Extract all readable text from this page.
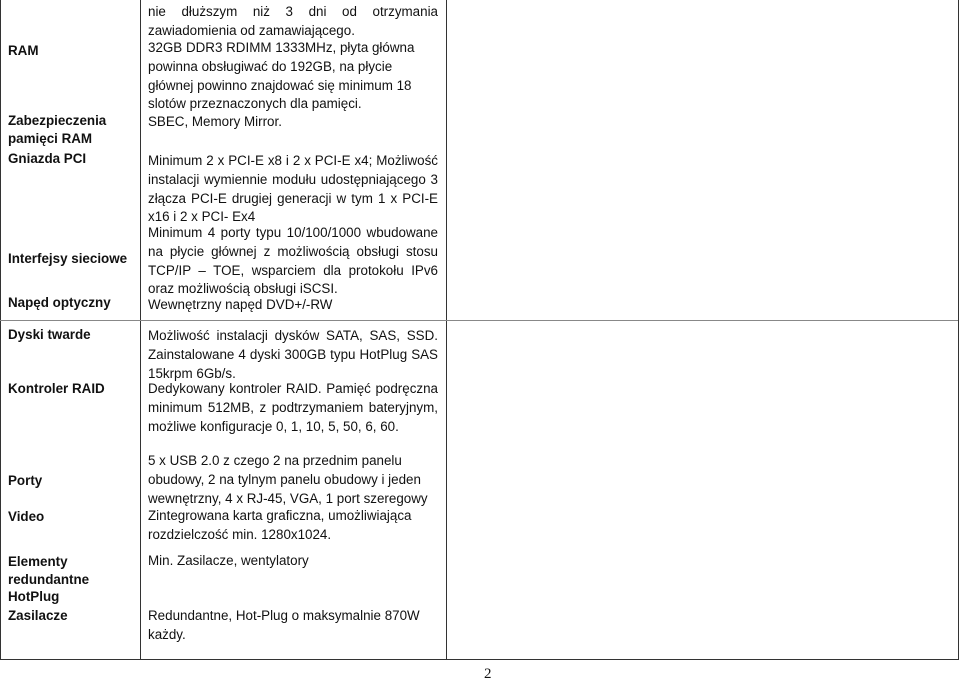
RAM
Zabezpieczenia pamięci RAM
Gniazda PCI
Interfejsy sieciowe
Napęd optyczny
Dyski twarde
Kontroler RAID
Porty
Video
Elementy redundantne HotPlug
Zasilacze
nie dłuższym niż 3 dni od otrzymania
zawiadomienia od zamawiającego.
32GB DDR3 RDIMM 1333MHz, płyta główna powinna obsługiwać do 192GB, na płycie głównej powinno znajdować się minimum 18 slotów przeznaczonych dla pamięci.
SBEC, Memory Mirror.
Minimum 2 x PCI-E x8 i 2 x PCI-E x4; Możliwość instalacji wymiennie modułu udostępniającego 3 złącza PCI-E drugiej generacji w tym 1 x PCI-E x16 i 2 x PCI- Ex4
Minimum 4 porty typu 10/100/1000 wbudowane na płycie głównej z możliwością obsługi stosu TCP/IP – TOE, wsparciem dla protokołu IPv6 oraz możliwością obsługi iSCSI.
Wewnętrzny napęd DVD+/-RW
Możliwość instalacji dysków SATA, SAS, SSD. Zainstalowane 4 dyski 300GB typu HotPlug SAS 15krpm 6Gb/s.
Dedykowany kontroler RAID. Pamięć podręczna minimum 512MB, z podtrzymaniem bateryjnym, możliwe konfiguracje 0, 1, 10, 5, 50, 6, 60.
5 x USB 2.0 z czego 2 na przednim panelu obudowy, 2 na tylnym panelu obudowy i jeden wewnętrzny, 4 x RJ-45, VGA, 1 port szeregowy
Zintegrowana karta graficzna, umożliwiająca rozdzielczość min. 1280x1024.
Min. Zasilacze, wentylatory
Redundantne, Hot-Plug o maksymalnie 870W każdy.
2
